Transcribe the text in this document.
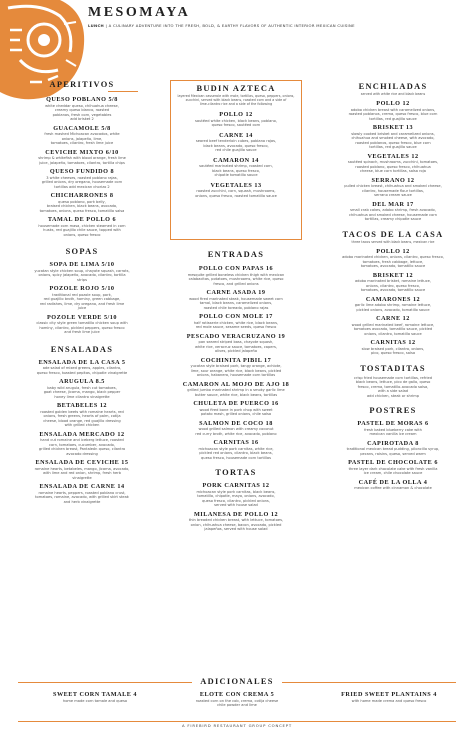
MESOMAYA
LUNCH | A CULINARY ADVENTURE INTO THE FRESH, BOLD, & EARTHY FLAVORS OF AUTHENTIC INTERIOR MEXICAN CUISINE
APERITIVOS
QUESO POBLANO 5/8
white cheddar queso, chihuahua cheese,
creamy queso blanco, roasted
poblanos, fresh corn, vegetables
add brisket 2
GUACAMOLE 5/8
fresh mashed Michoacan avocados, white
onions, jalapeño, lime,
tomatoes, cilantro, fresh lime juice
CEVICHE MIXTO 6/10
shrimp & whitefish with blood orange, fresh lime
juice, jalapeño, tomatoes, cilantro, tortilla chips
QUESO FUNDIDO 8
3 white cheeses, roasted poblano rajas,
grilled onions, dry oregano, housemade corn
tortillas add mexican chorizo 2
CHICHARRONES 8
queso poblano, pork belly,
braised chicken, black beans, avocado,
tomatoes, onions, queso fresco, tomatillo salsa
TAMAL DE POLLO 6
housemade corn masa, chicken steamed in corn
husks, red guajillo chile sauce, topped with
onions, queso fresco
SOPAS
SOPA DE LIMA 5/10
yucatan style chicken soup, chayote squash, carrots,
onions, spicy jalapeño, avocado, cilantro, tortilla
strips
POZOLE ROJO 5/10
traditional red pozole soup, pork,
red guajillo broth, hominy, green cabbage,
red radishes, lime, dry oregano, and fresh lime
juice
POZOLE VERDE 5/10
classic city style green tomatillo chicken soup with
hominy, cilantro, pickled peppers, queso fresco
and fresh lime juice
ENSALADAS
ENSALADA DE LA CASA 5
ade salad of mixed greens, apples, cilantro,
queso fresco, toasted pepitas, chipotle vinaigrette
ARUGULA 8.5
baby wild arugula, fresh cut tomatoes,
goat cheese, jicama, mango, black pepper
honey lime cilantro vinaigrette
BETABELES 12
roasted golden beets with romaine hearts, red
onions, fresh greens, hearts of palm, cotija
cheese, blood orange, red guajillo dressing
with grilled chicken
ENSALADA MERCADO 12
hand cut romaine and iceberg lettuce, roasted
corn, tomatoes, cucumber, avocado,
grilled chicken breast, Pantaleón queso, cilantro
avocado dressing
ENSALADA DE CEVICHE 15
romaine hearts, betabeles, mango, jicama, avocado,
with lime and red onion, shrimp, fresh herb
vinaigrette
ENSALADA DE CARNE 14
romaine hearts, peppers, roasted poblano crust,
tomatoes, romaine, avocado, with grilled skirt steak
and herb vinaigrette
BUDIN AZTECA
layered Mexican casserole with mole, tortillas, queso, peppers, onions,
zucchini, served with black beans, roasted corn and a side of
lime-cilantro rice and a side of the following
POLLO 12
sautéed white chicken, black beans, poblano,
queso fresco, sautéed corn
CARNE 14
seared beef tenderloin cubes, poblano rajas,
black beans, avocado, queso fresco,
red chile guajillo sauce
CAMARON 14
sautéed marinated shrimp, roasted corn,
black beans, queso fresco,
chipotle tomatillo sauce
VEGETALES 13
roasted zucchini, corn, squash, mushrooms,
onions, queso fresco, roasted tomatillo sauce
ENTRADAS
POLLO CON PAPAS 16
mesquite grilled boneless chicken thigh with mexican
calabacitas, potatoes, mushrooms, white rice, queso
fresco, and grilled onions
CARNE ASADA 19
wood fired marinated steak, housemade sweet corn
tamal, black beans, caramelized onions,
roasted chile toreado, poblano rajas
POLLO CON MOLE 17
half rotisserie chicken, white rice, black beans,
red mole sauce, sesame seeds, queso fresco
PESCADO VERACRUZANO 19
pan seared striped bass, chayote squash,
white rice, veracruz sauce, tomatoes, capers,
olives, pickled jalapeño
COCHINITA PIBIL 17
yucatan style braised pork, tangy orange, achiote,
lime, sour orange, white rice, black beans, pickled
onions, habanero, housemade corn tortillas
CAMARON AL MOJO DE AJO 18
grilled jumbo marinated shrimp in a smoky garlic lime
butter sauce, white rice, black beans, tortillas
CHULETA DE PUERCO 16
wood fired bone in pork chop with sweet
potato mash, grilled onions, chile salsa
SALMON DE COCO 18
wood grilled salmon with creamy coconut
red curry broth, white rice, avocado, poblano
CARNITAS 16
michoacan style pork carnitas, white rice,
pickled red onions, cilantro, black beans,
queso fresco, housemade corn tortillas
TORTAS
PORK CARNITAS 12
michoacan style pork carnitas, black beans,
tomatillo, chipotle, mayo, onions, avocado,
queso fresco, cilantro, pickled onions,
served with house salad
MILANESA DE POLLO 12
thin breaded chicken breast, with lettuce, tomatoes,
onion, chihuahua cheese, bacon, avocado, pickled
jalapeños, served with house salad
ENCHILADAS
served with white rice and black beans
POLLO 12
adobo chicken breast with caramelized onions,
roasted poblanos, crema, queso fresco, blue corn
tortillas, red guajillo sauce
BRISKET 13
slowly cooked brisket and caramelized onions,
chihuahua and smoked cheese, with avocado,
roasted poblanos, queso fresco, blue corn
tortillas, red guajillo sauce
VEGETALES 12
sautéed spinach, mushrooms, zucchini, tomatoes,
roasted poblano, queso fresco, chihuahua
cheese, blue corn tortillas, salsa roja
SERRANO 12
pulled chicken breast, chihuahua and smoked cheese,
cilantro, housemade flour tortillas,
serrano cream sauce
DEL MAR 17
small crab cakes, adobo shrimp, fresh avocado,
chihuahua and smoked cheese, housemade corn
tortillas, creamy chipotle sauce
TACOS DE LA CASA
three tacos served with black beans, mexican rice
POLLO 12
adobo marinated chicken, onions, cilantro, queso fresco,
tomatoes, fresh cabbage, lettuce,
tomatoes, avocado, tomatillo sauce
BRISKET 12
adobo marinated brisket, romaine lettuce,
onions, cilantro, queso fresco,
tomatoes, avocado, tomatillo sauce
CAMARONES 12
garlic lime adobo shrimp, romaine lettuce,
pickled onions, avocado, tomatillo sauce
CARNE 12
wood grilled marinated beef, romaine lettuce,
tomatoes avocado, tomatillo sauce, pickled
onions, cilantro, tomatillo sauce
CARNITAS 12
slow braised pork, cilantro, onions,
pico, queso fresco, salsa
TOSTADITAS
crisp fried housemade corn tortillas, refried
black beans, lettuce, pico de gallo, queso
fresco, crema, tomatillo-avocado salsa,
with a side salad
add chicken, steak or shrimp
POSTRES
PASTEL DE MORAS 6
fresh baked blueberry cake with
mexican vanilla ice cream
CAPIROTADA 8
traditional mexican bread pudding, piloncillo syrup,
pecans, raisins, queso, served warm
PASTEL DE CHOCOLATE 6
three layer dark chocolate cake with fresh vanilla
ice cream, chile chocolate sauce
CAFÉ DE LA OLLA 4
mexican coffee with cinnamon & chocolate
ADICIONALES
SWEET CORN TAMALE 4
home made corn tamale and queso
ELOTE CON CREMA 5
roasted corn on the cob, crema, cotija cheese
chile powder and lime
FRIED SWEET PLANTAINS 4
with home made crema and queso fresco
A FIREBIRD RESTAURANT GROUP CONCEPT
